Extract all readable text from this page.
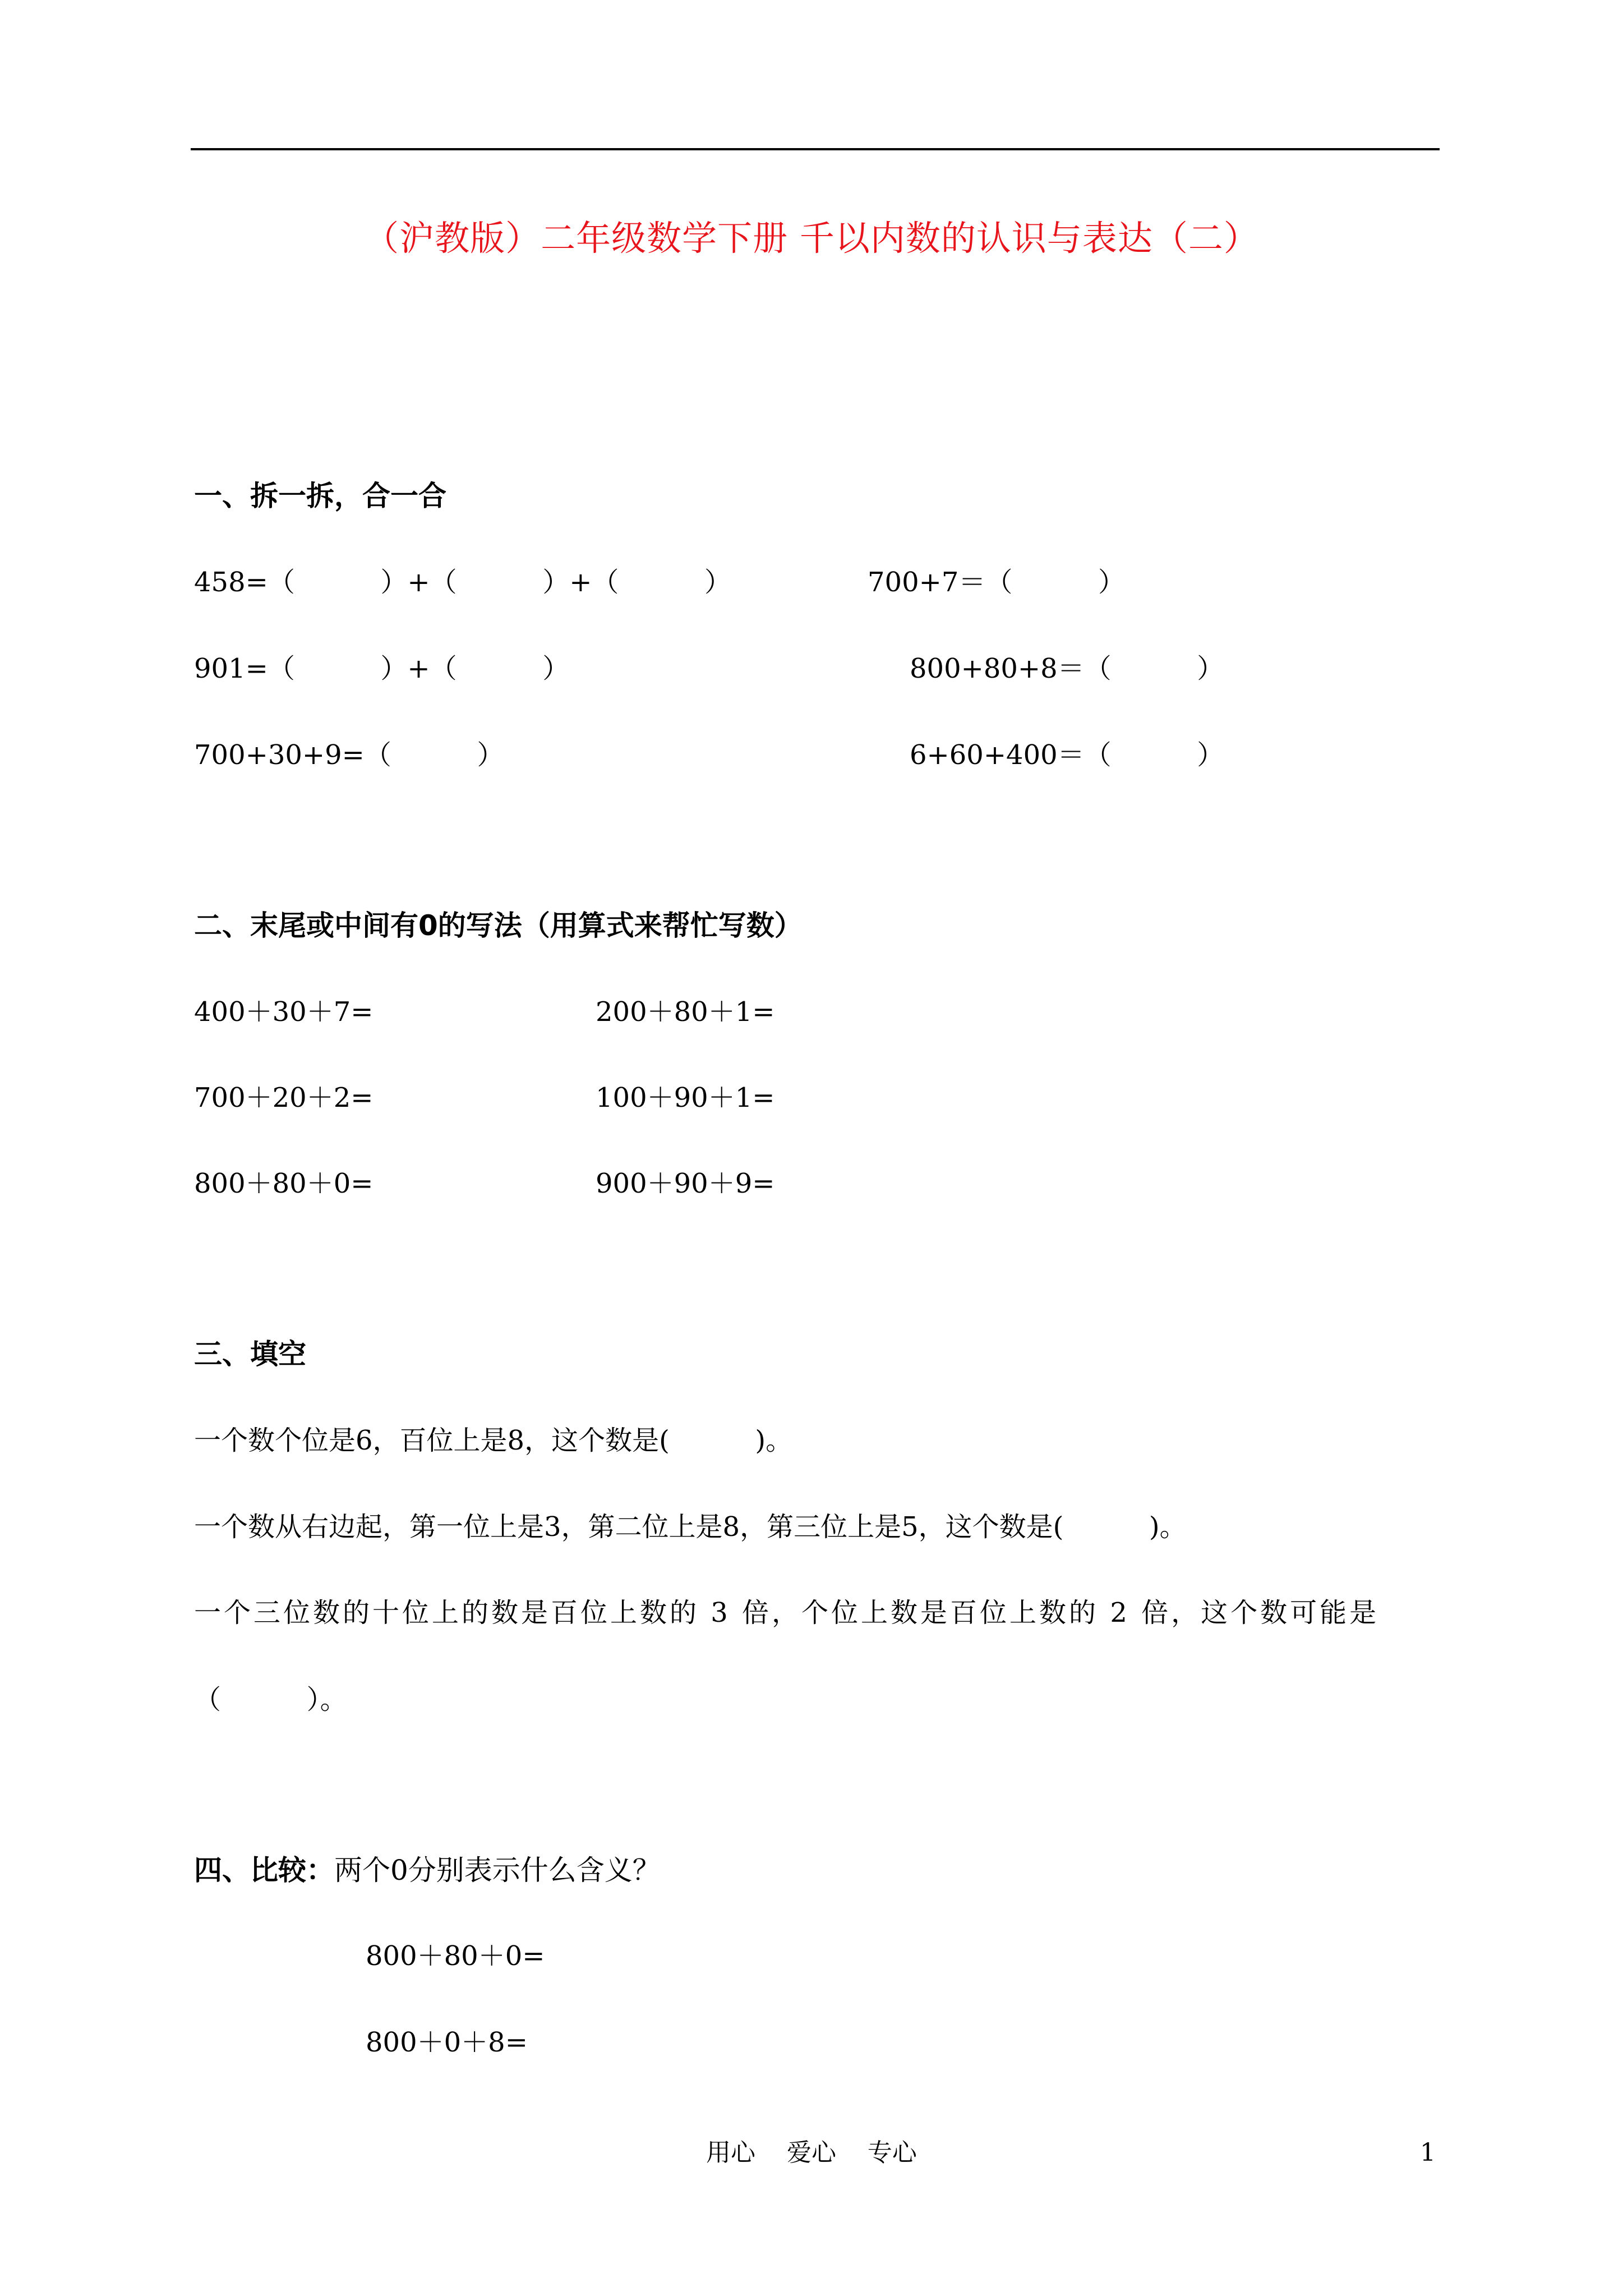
（沪教版）二年级数学下册 千以内数的认识与表达（二）
一、拆一拆，合一合
458=（          ）+（          ）+（          ）	700+7＝（          ）
901=（          ）+（          ）	800+80+8＝（          ）
700+30+9=（          ）	6+60+400＝（          ）
二、末尾或中间有0的写法（用算式来帮忙写数）
400＋30＋7=	200＋80＋1=
700＋20＋2=	100＋90＋1=
800＋80＋0=	900＋90＋9=
三、填空
一个数个位是6，百位上是8，这个数是(          )。
一个数从右边起，第一位上是3，第二位上是8，第三位上是5，这个数是(          )。
一个三位数的十位上的数是百位上数的 3 倍，个位上数是百位上数的 2 倍，这个数可能是
（          ）。
四、比较：两个0分别表示什么含义？
800＋80＋0=
800＋0＋8=
用心    爱心    专心	1
